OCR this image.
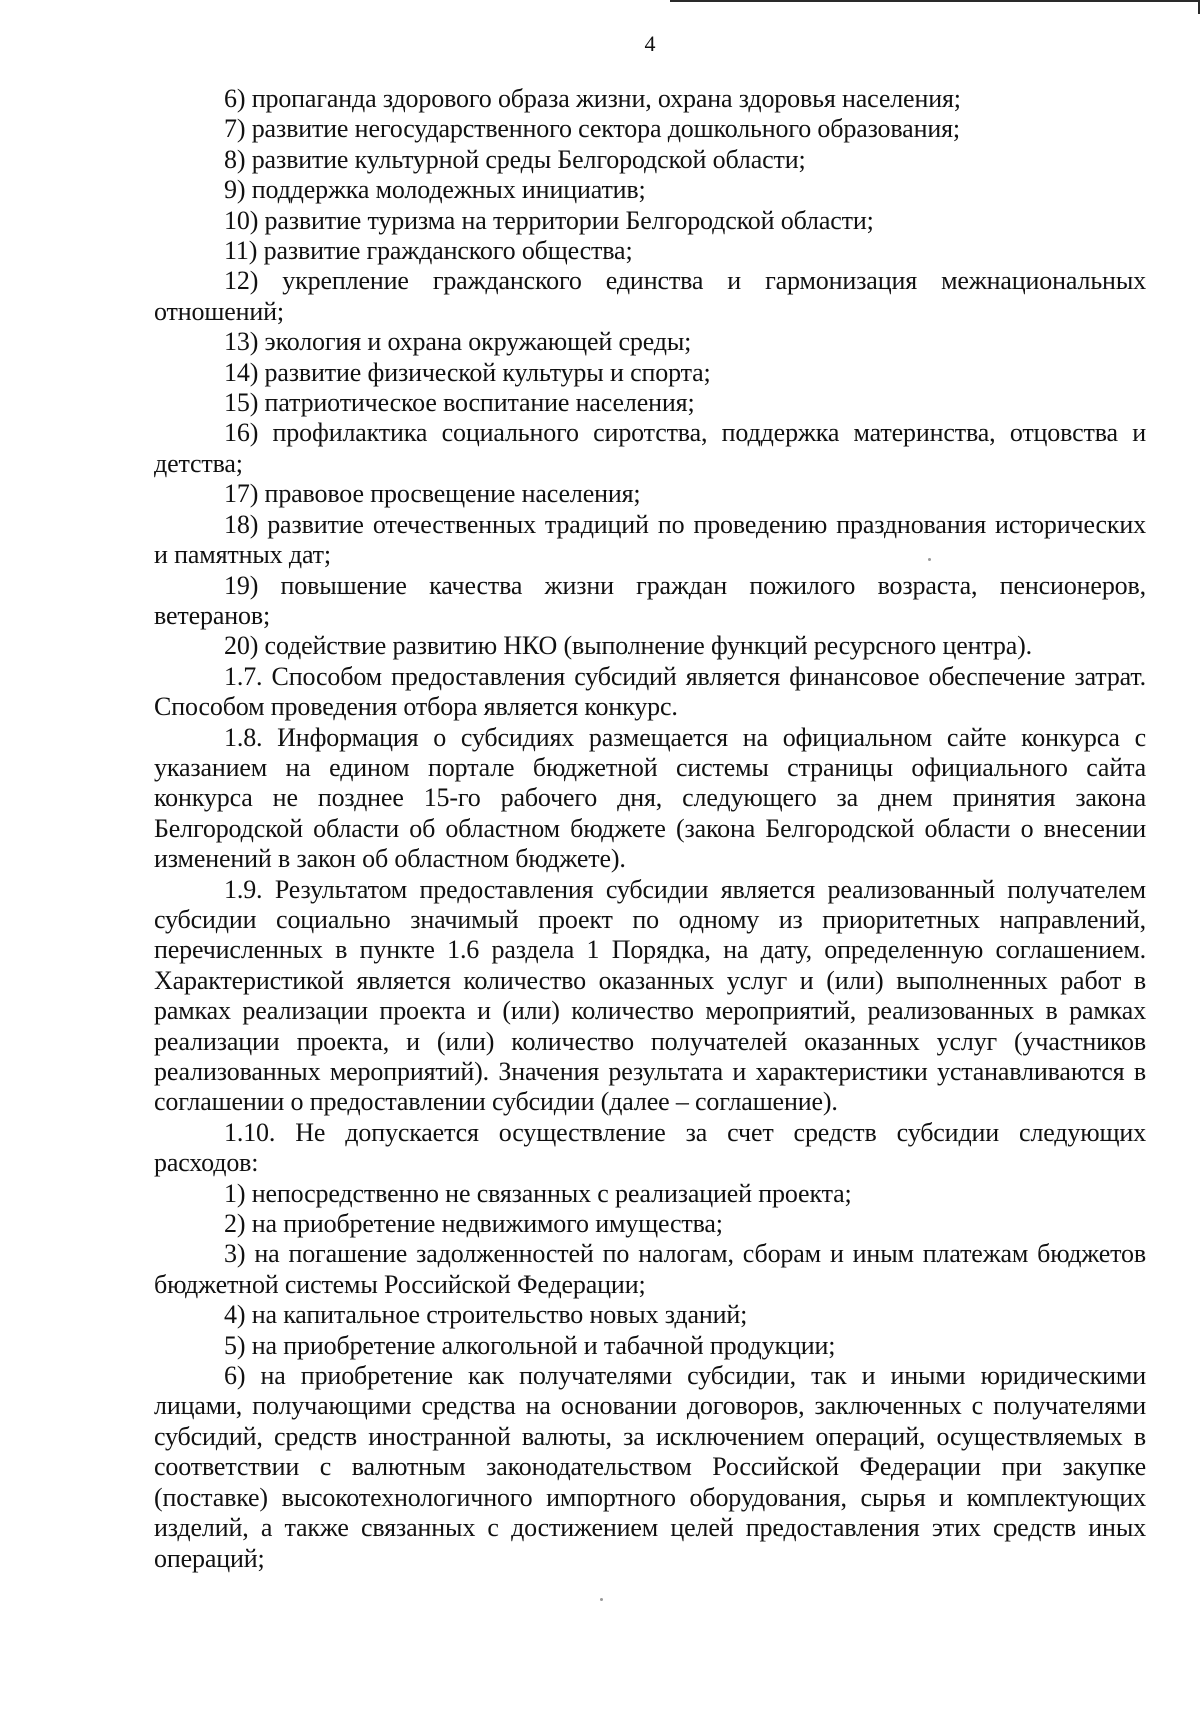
4

6) пропаганда здорового образа жизни, охрана здоровья населения;

7) развитие негосударственного сектора дошкольного образования;

8) развитие культурной среды Белгородской области;

9) поддержка молодежных инициатив;

10) развитие туризма на территории Белгородской области;

11) развитие гражданского общества;

12) укрепление гражданского единства и гармонизация межнациональных отношений;

13) экология и охрана окружающей среды;

14) развитие физической культуры и спорта;

15) патриотическое воспитание населения;

16) профилактика социального сиротства, поддержка материнства, отцовства и детства;

17) правовое просвещение населения;

18) развитие отечественных традиций по проведению празднования исторических и памятных дат;

19) повышение качества жизни граждан пожилого возраста, пенсионеров, ветеранов;

20) содействие развитию НКО (выполнение функций ресурсного центра).

1.7. Способом предоставления субсидий является финансовое обеспечение затрат. Способом проведения отбора является конкурс.

1.8. Информация о субсидиях размещается на официальном сайте конкурса с указанием на едином портале бюджетной системы страницы официального сайта конкурса не позднее 15-го рабочего дня, следующего за днем принятия закона Белгородской области об областном бюджете (закона Белгородской области о внесении изменений в закон об областном бюджете).

1.9. Результатом предоставления субсидии является реализованный получателем субсидии социально значимый проект по одному из приоритетных направлений, перечисленных в пункте 1.6 раздела 1 Порядка, на дату, определенную соглашением. Характеристикой является количество оказанных услуг и (или) выполненных работ в рамках реализации проекта и (или) количество мероприятий, реализованных в рамках реализации проекта, и (или) количество получателей оказанных услуг (участников реализованных мероприятий). Значения результата и характеристики устанавливаются в соглашении о предоставлении субсидии (далее – соглашение).

1.10. Не допускается осуществление за счет средств субсидии следующих расходов:

1) непосредственно не связанных с реализацией проекта;

2) на приобретение недвижимого имущества;

3) на погашение задолженностей по налогам, сборам и иным платежам бюджетов бюджетной системы Российской Федерации;

4) на капитальное строительство новых зданий;

5) на приобретение алкогольной и табачной продукции;

6) на приобретение как получателями субсидии, так и иными юридическими лицами, получающими средства на основании договоров, заключенных с получателями субсидий, средств иностранной валюты, за исключением операций, осуществляемых в соответствии с валютным законодательством Российской Федерации при закупке (поставке) высокотехнологичного импортного оборудования, сырья и комплектующих изделий, а также связанных с достижением целей предоставления этих средств иных операций;
